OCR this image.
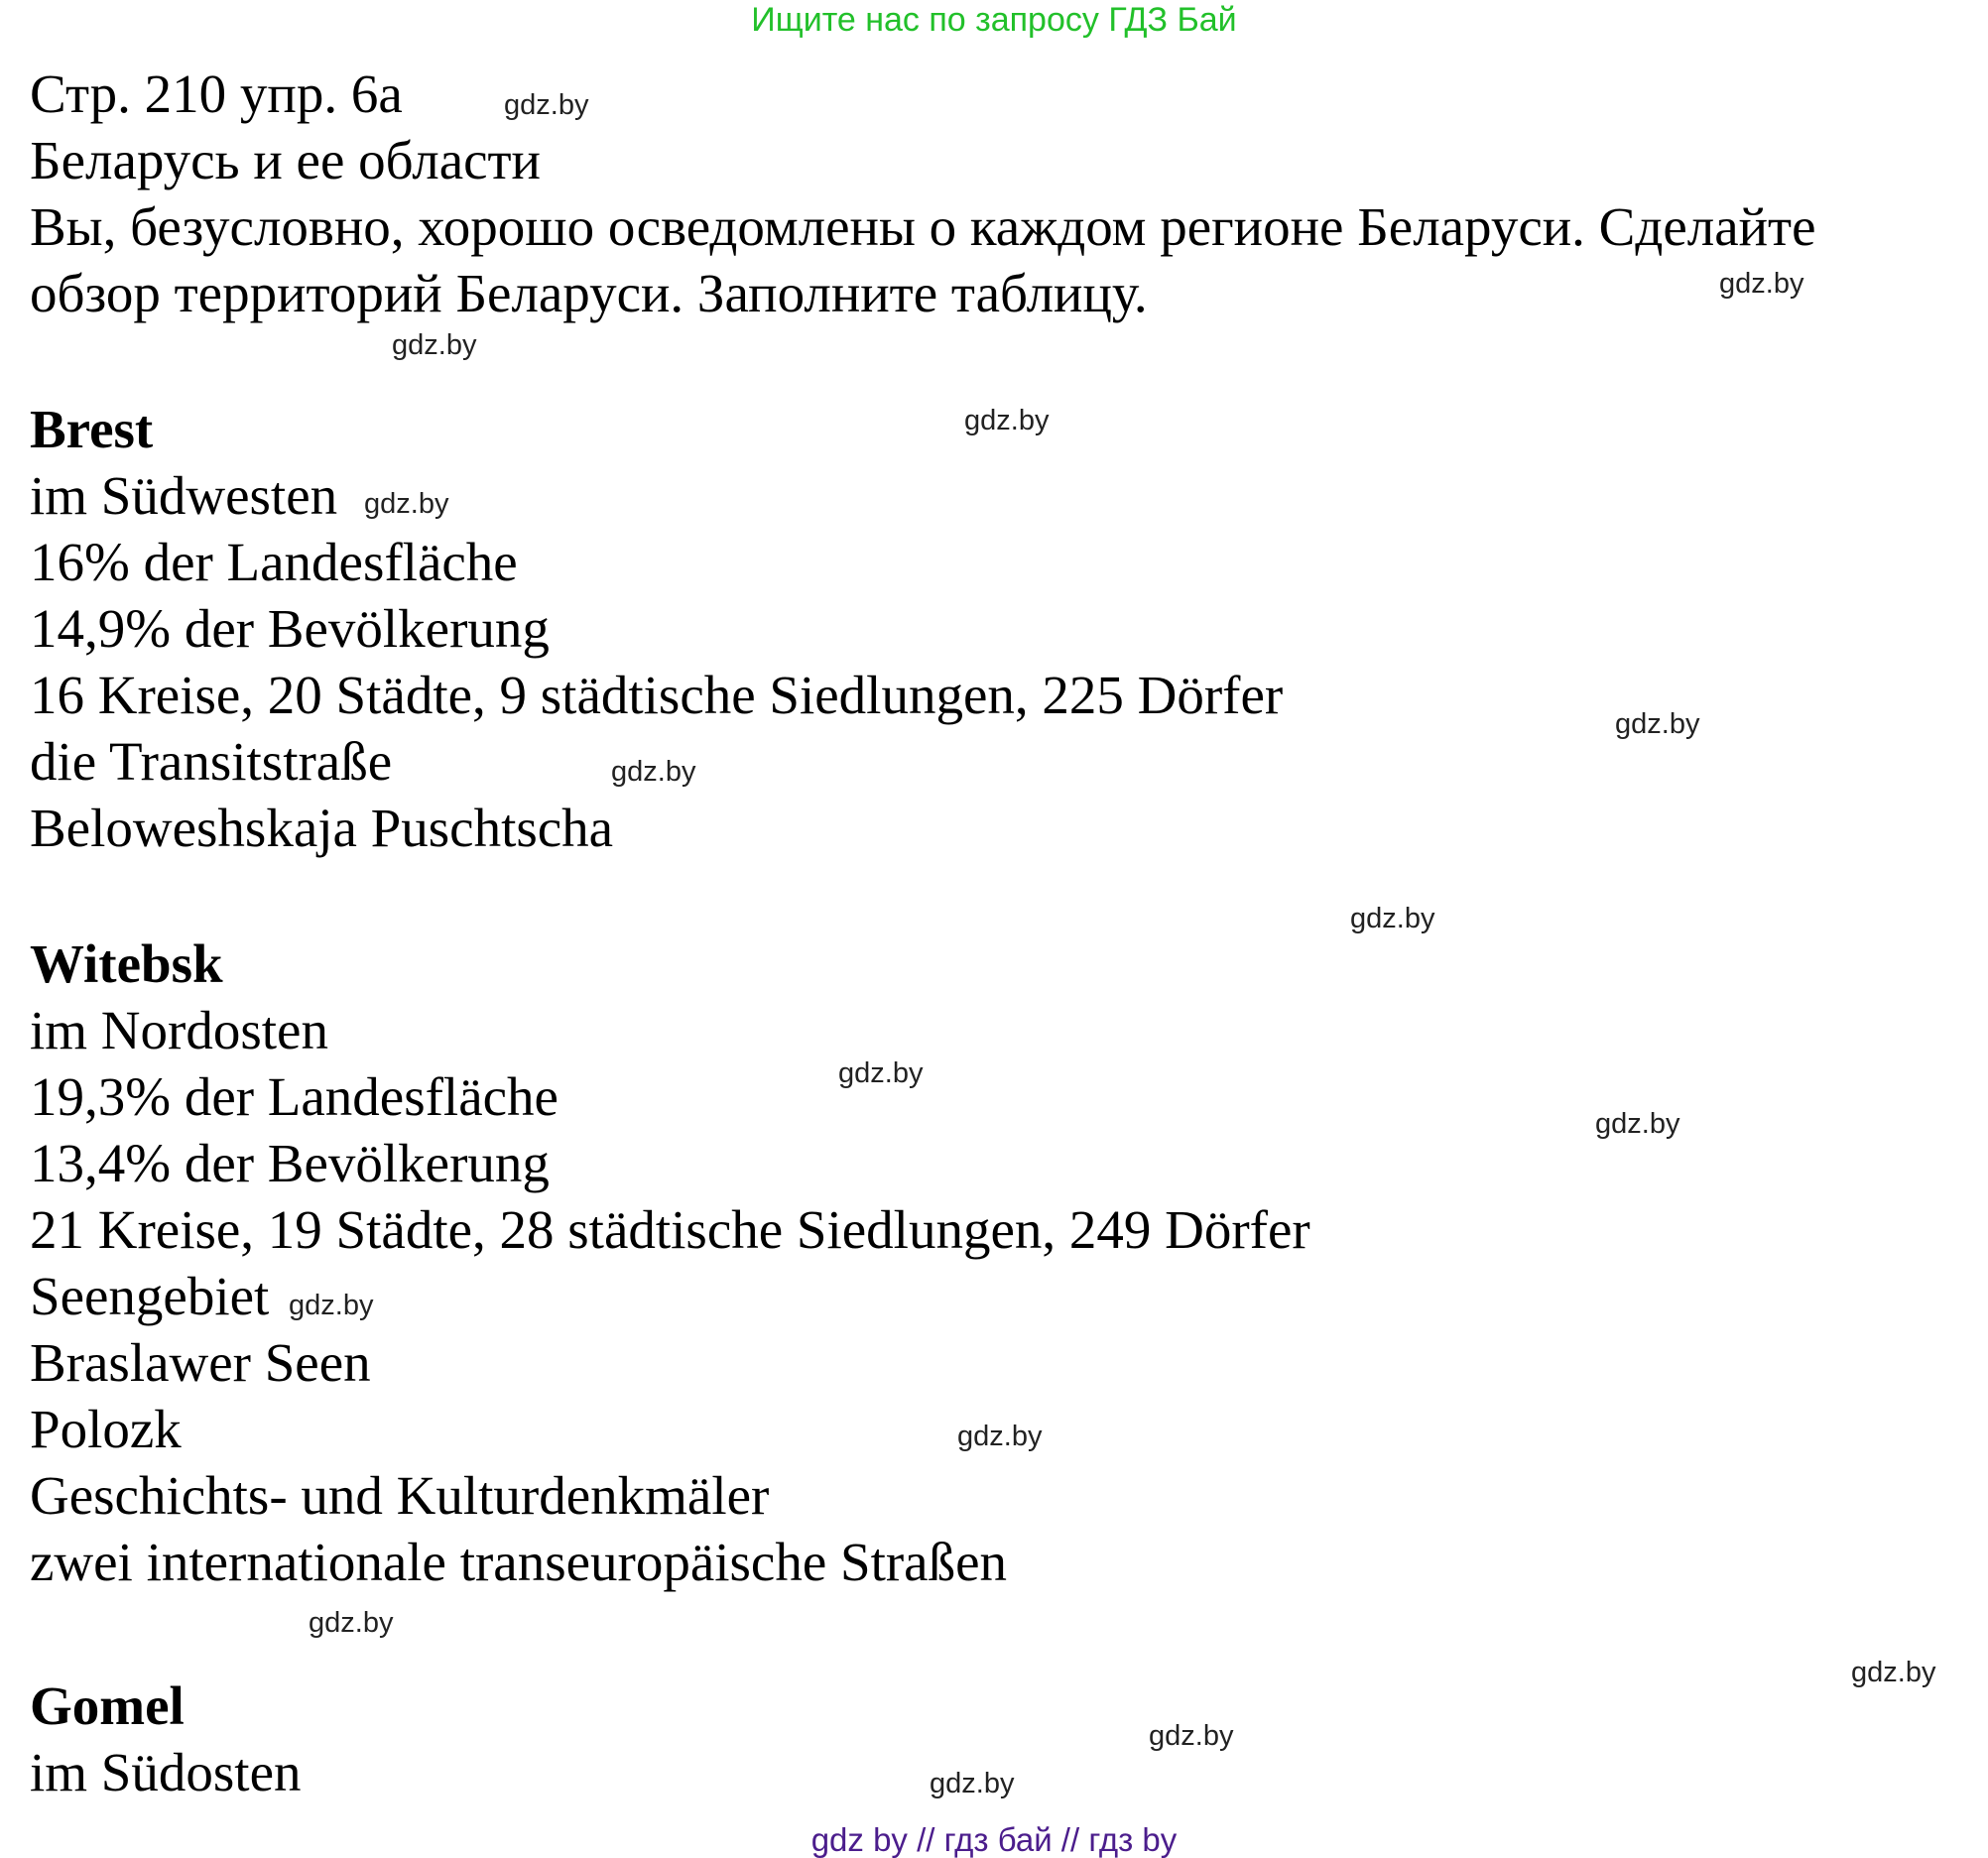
Ищите нас по запросу ГДЗ Бай
Стр. 210 упр. 6а
Беларусь и ее области
Вы, безусловно, хорошо осведомлены о каждом регионе Беларуси. Сделайте
обзор территорий Беларуси. Заполните таблицу.
Brest
im Südwesten
16% der Landesfläche
14,9% der Bevölkerung
16 Kreise, 20 Städte, 9 städtische Siedlungen, 225 Dörfer
die Transitstraße
Beloweshskaja Puschtscha
Witebsk
im Nordosten
19,3% der Landesfläche
13,4% der Bevölkerung
21 Kreise, 19 Städte, 28 städtische Siedlungen, 249 Dörfer
Seengebiet
Braslawer Seen
Polozk
Geschichts- und Kulturdenkmäler
zwei internationale transeuropäische Straßen
Gomel
im Südosten
gdz.by
gdz.by
gdz.by
gdz.by
gdz.by
gdz.by
gdz.by
gdz.by
gdz.by
gdz.by
gdz.by
gdz.by
gdz.by
gdz.by
gdz.by
gdz.by
gdz by // гдз бай // гдз by
